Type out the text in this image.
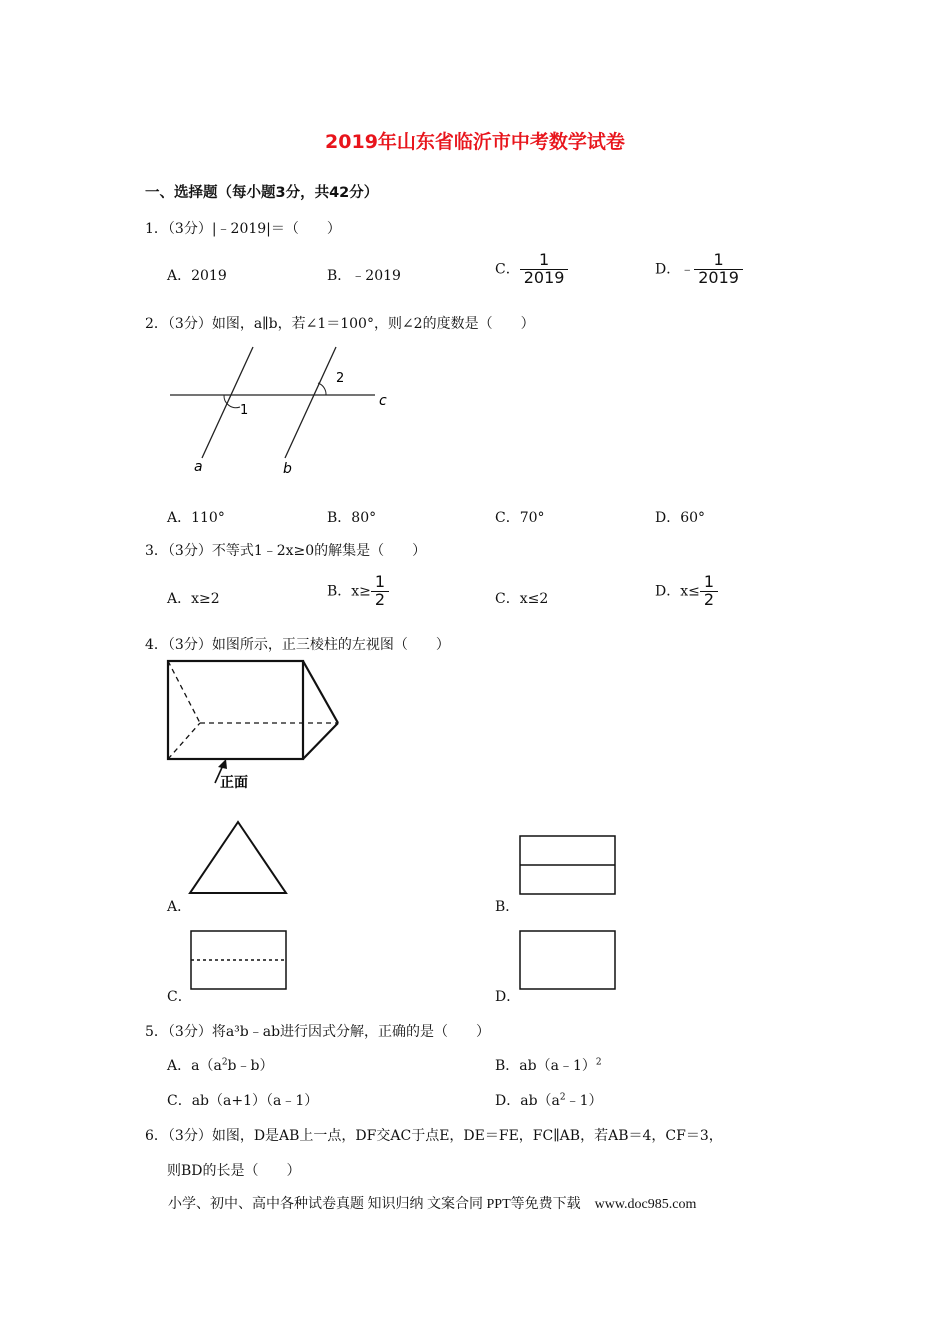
2019年山东省临沂市中考数学试卷
一、选择题（每小题3分，共42分）
1．（3分）|﹣2019|＝（　　）
A．2019	B．﹣2019	C． $\frac{1}{2019}$	D．﹣ $\frac{1}{2019}$
2．（3分）如图，a∥b，若∠1＝100°，则∠2的度数是（　　）
1
2
c
a	b
A．110°	B．80°	C．70°	D．60°
3．（3分）不等式1﹣2x≥0的解集是（　　）
A．x≥2	B．$x\ge \frac{1}{2}$	C．x≤2	D．$x\le \frac{1}{2}$
4．（3分）如图所示，正三棱柱的左视图（　　）
正面
A．	B．
C．	D．
5．（3分）将a³b﹣ab进行因式分解，正确的是（　　）
A．$a(a^2b﹣b)$	B．ab（a﹣1）$^2$
C．ab（a+1）（a﹣1）	D．$ab(a^2﹣1)$
6．（3分）如图，D是AB上一点，DF交AC于点E，DE＝FE，FC∥AB，若AB＝4，CF＝3，
则BD的长是（　　）
小学、初中、高中各种试卷真题 知识归纳 文案合同 PPT等免费下载　www.doc985.com
